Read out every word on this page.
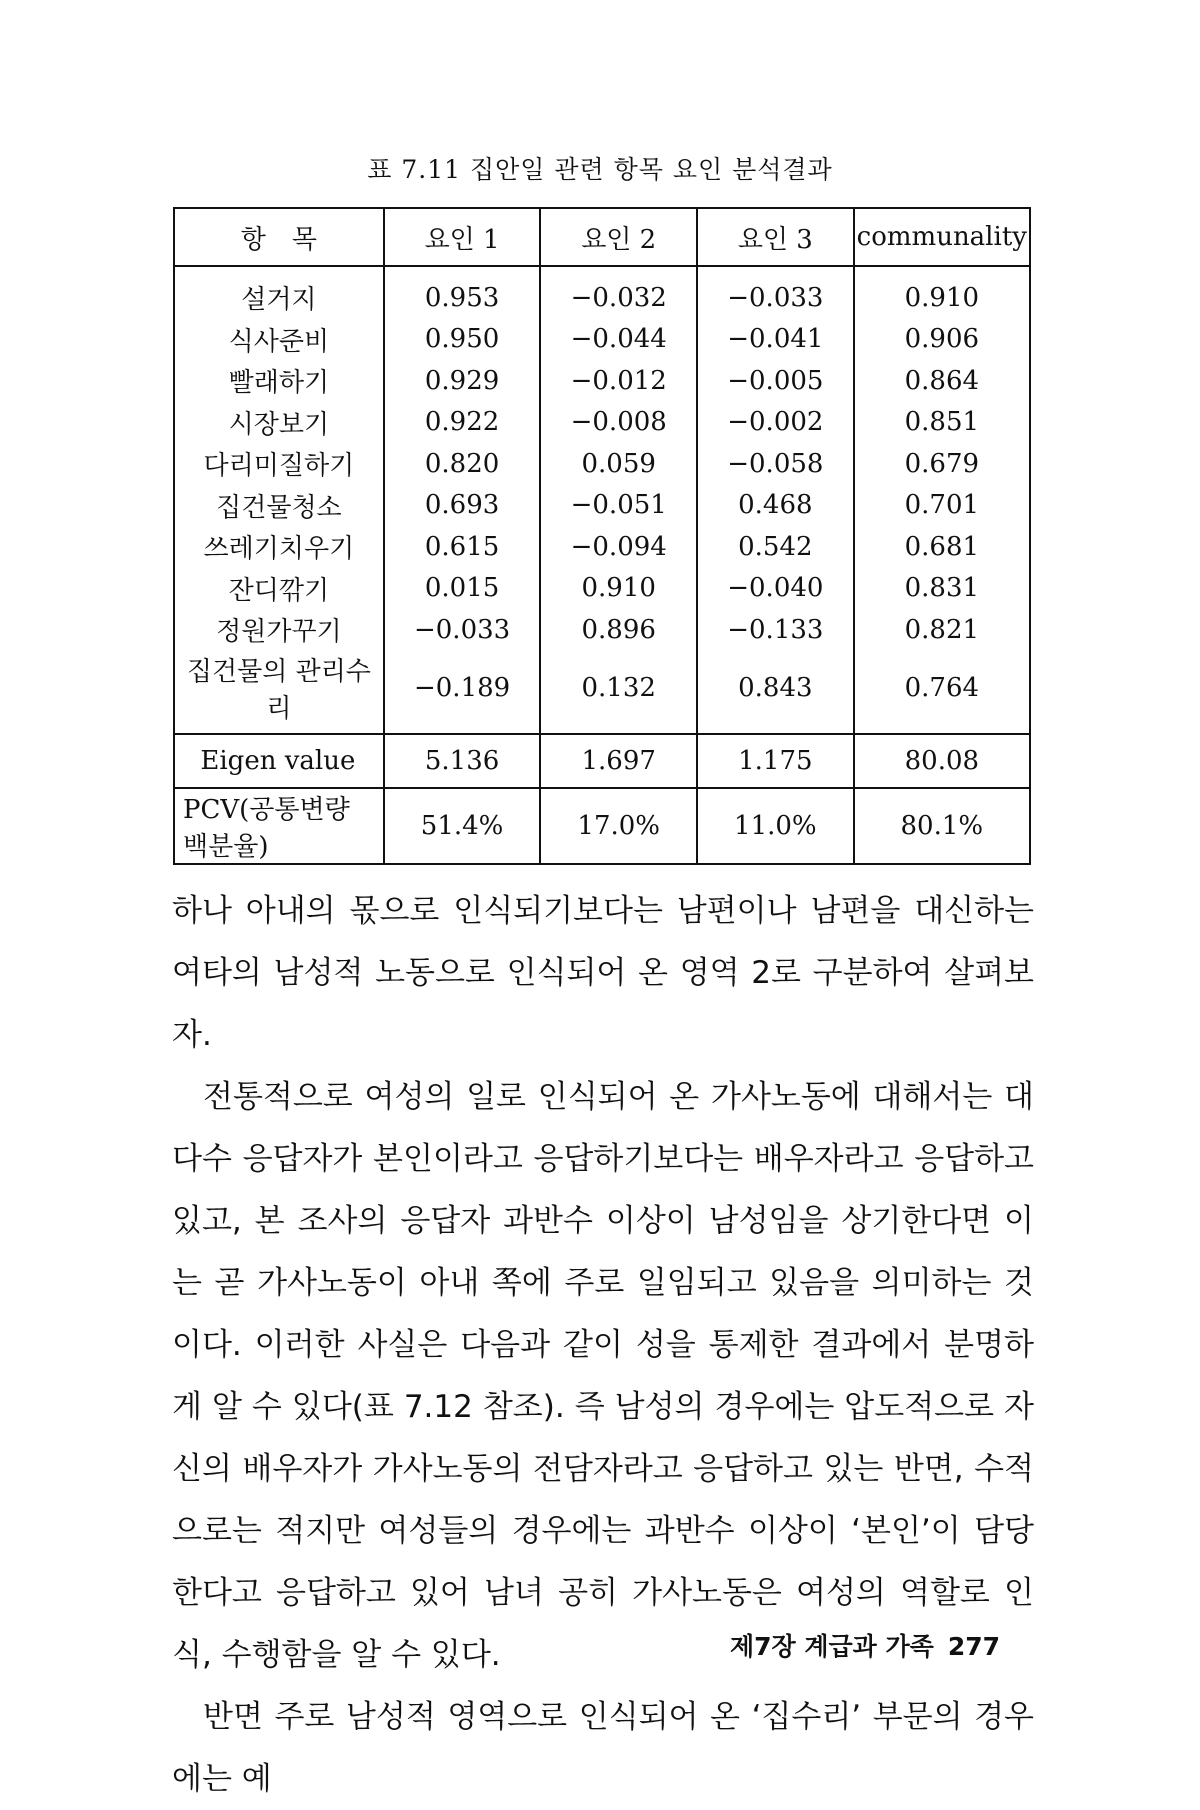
표 7.11 집안일 관련 항목 요인 분석결과
항　목	요인 1	요인 2	요인 3	communality
설거지	0.953	−0.032	−0.033	0.910
식사준비	0.950	−0.044	−0.041	0.906
빨래하기	0.929	−0.012	−0.005	0.864
시장보기	0.922	−0.008	−0.002	0.851
다리미질하기	0.820	0.059	−0.058	0.679
집건물청소	0.693	−0.051	0.468	0.701
쓰레기치우기	0.615	−0.094	0.542	0.681
잔디깎기	0.015	0.910	−0.040	0.831
정원가꾸기	−0.033	0.896	−0.133	0.821
집건물의 관리수리	−0.189	0.132	0.843	0.764
Eigen value	5.136	1.697	1.175	80.08
PCV(공통변량백분율)	51.4%	17.0%	11.0%	80.1%

하나 아내의 몫으로 인식되기보다는 남편이나 남편을 대신하는 여타의 남성적 노동으로 인식되어 온 영역 2로 구분하여 살펴보자.

전통적으로 여성의 일로 인식되어 온 가사노동에 대해서는 대다수 응답자가 본인이라고 응답하기보다는 배우자라고 응답하고 있고, 본 조사의 응답자 과반수 이상이 남성임을 상기한다면 이는 곧 가사노동이 아내 쪽에 주로 일임되고 있음을 의미하는 것이다. 이러한 사실은 다음과 같이 성을 통제한 결과에서 분명하게 알 수 있다(표 7.12 참조). 즉 남성의 경우에는 압도적으로 자신의 배우자가 가사노동의 전담자라고 응답하고 있는 반면, 수적으로는 적지만 여성들의 경우에는 과반수 이상이 ‘본인’이 담당한다고 응답하고 있어 남녀 공히 가사노동은 여성의 역할로 인식, 수행함을 알 수 있다.

반면 주로 남성적 영역으로 인식되어 온 ‘집수리’ 부문의 경우에는 예

제7장 계급과 가족 277
